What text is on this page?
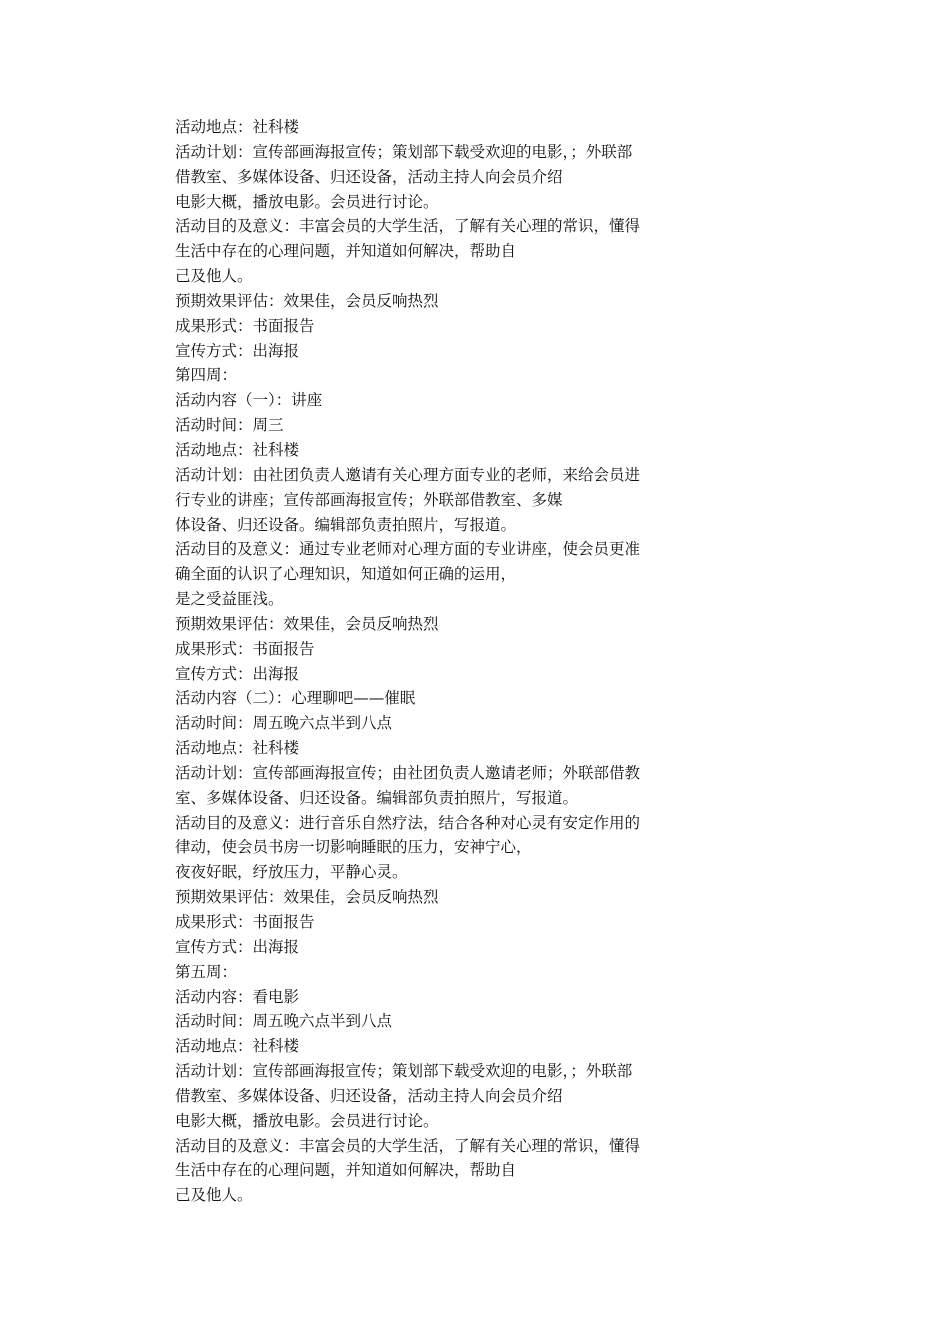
活动地点：社科楼
活动计划：宣传部画海报宣传；策划部下载受欢迎的电影，；外联部
借教室、多媒体设备、归还设备，活动主持人向会员介绍
电影大概，播放电影。会员进行讨论。
活动目的及意义：丰富会员的大学生活，了解有关心理的常识，懂得
生活中存在的心理问题，并知道如何解决，帮助自
己及他人。
预期效果评估：效果佳，会员反响热烈
成果形式：书面报告
宣传方式：出海报
第四周：
活动内容（一）：讲座
活动时间：周三
活动地点：社科楼
活动计划：由社团负责人邀请有关心理方面专业的老师，来给会员进
行专业的讲座；宣传部画海报宣传；外联部借教室、多媒
体设备、归还设备。编辑部负责拍照片，写报道。
活动目的及意义：通过专业老师对心理方面的专业讲座，使会员更准
确全面的认识了心理知识，知道如何正确的运用，
是之受益匪浅。
预期效果评估：效果佳，会员反响热烈
成果形式：书面报告
宣传方式：出海报
活动内容（二）：心理聊吧——催眠
活动时间：周五晚六点半到八点
活动地点：社科楼
活动计划：宣传部画海报宣传；由社团负责人邀请老师；外联部借教
室、多媒体设备、归还设备。编辑部负责拍照片，写报道。
活动目的及意义：进行音乐自然疗法，结合各种对心灵有安定作用的
律动，使会员书房一切影响睡眠的压力，安神宁心，
夜夜好眠，纾放压力，平静心灵。
预期效果评估：效果佳，会员反响热烈
成果形式：书面报告
宣传方式：出海报
第五周：
活动内容：看电影
活动时间：周五晚六点半到八点
活动地点：社科楼
活动计划：宣传部画海报宣传；策划部下载受欢迎的电影，；外联部
借教室、多媒体设备、归还设备，活动主持人向会员介绍
电影大概，播放电影。会员进行讨论。
活动目的及意义：丰富会员的大学生活，了解有关心理的常识，懂得
生活中存在的心理问题，并知道如何解决，帮助自
己及他人。
